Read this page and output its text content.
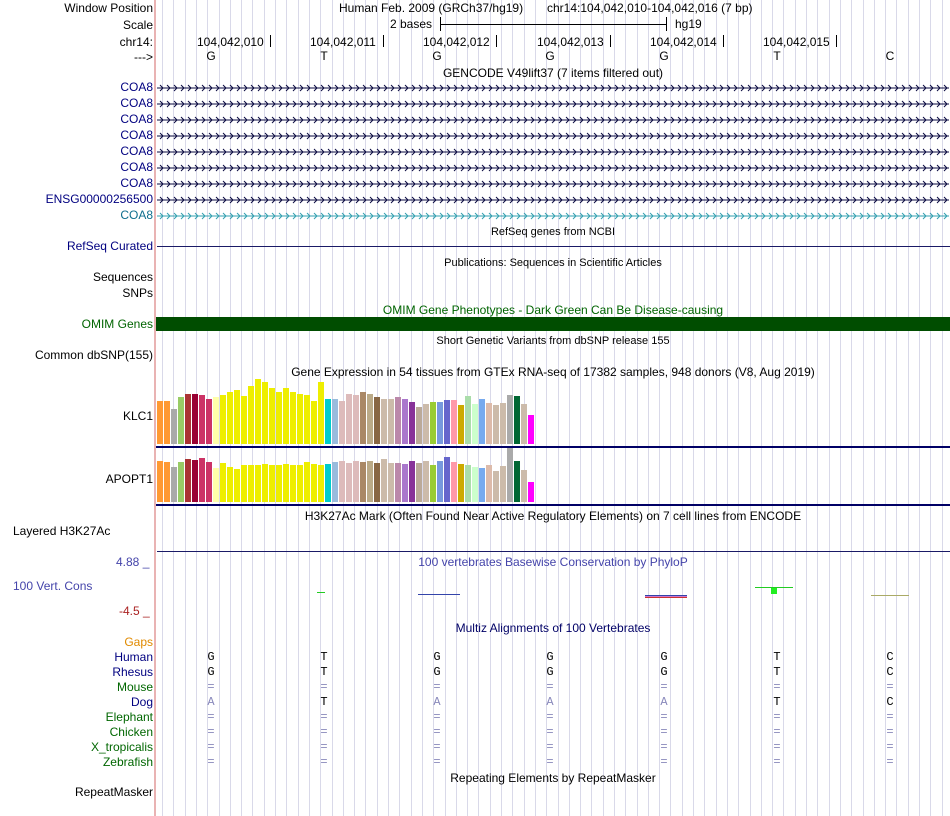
Window Position	Human Feb. 2009 (GRCh37/hg19) chr14:104,042,010-104,042,016 (7 bp)
Scale	2 bases	hg19
chr14:	104,042,010	104,042,011	104,042,012	104,042,013	104,042,014	104,042,015
--->	G	T	G	G	G	T	C
GENCODE V49lift37 (7 items filtered out)
COA8
COA8
COA8
COA8
COA8
COA8
COA8
ENSG00000256500
COA8
RefSeq genes from NCBI
RefSeq Curated
Publications: Sequences in Scientific Articles
Sequences
SNPs
OMIM Gene Phenotypes - Dark Green Can Be Disease-causing
OMIM Genes
Short Genetic Variants from dbSNP release 155
Common dbSNP(155)
Gene Expression in 54 tissues from GTEx RNA-seq of 17382 samples, 948 donors (V8, Aug 2019)
KLC1
APOPT1
H3K27Ac Mark (Often Found Near Active Regulatory Elements) on 7 cell lines from ENCODE
Layered H3K27Ac
100 vertebrates Basewise Conservation by PhyloP
4.88 _
100 Vert. Cons
-4.5 _
Multiz Alignments of 100 Vertebrates
Gaps
Human	G	T	G	G	G	T	C
Rhesus	G	T	G	G	G	T	C
Mouse	=	=	=	=	=	=	=
Dog	A	T	A	A	A	T	C
Elephant	=	=	=	=	=	=	=
Chicken	=	=	=	=	=	=	=
X_tropicalis	=	=	=	=	=	=	=
Zebrafish	=	=	=	=	=	=	=
Repeating Elements by RepeatMasker
RepeatMasker
